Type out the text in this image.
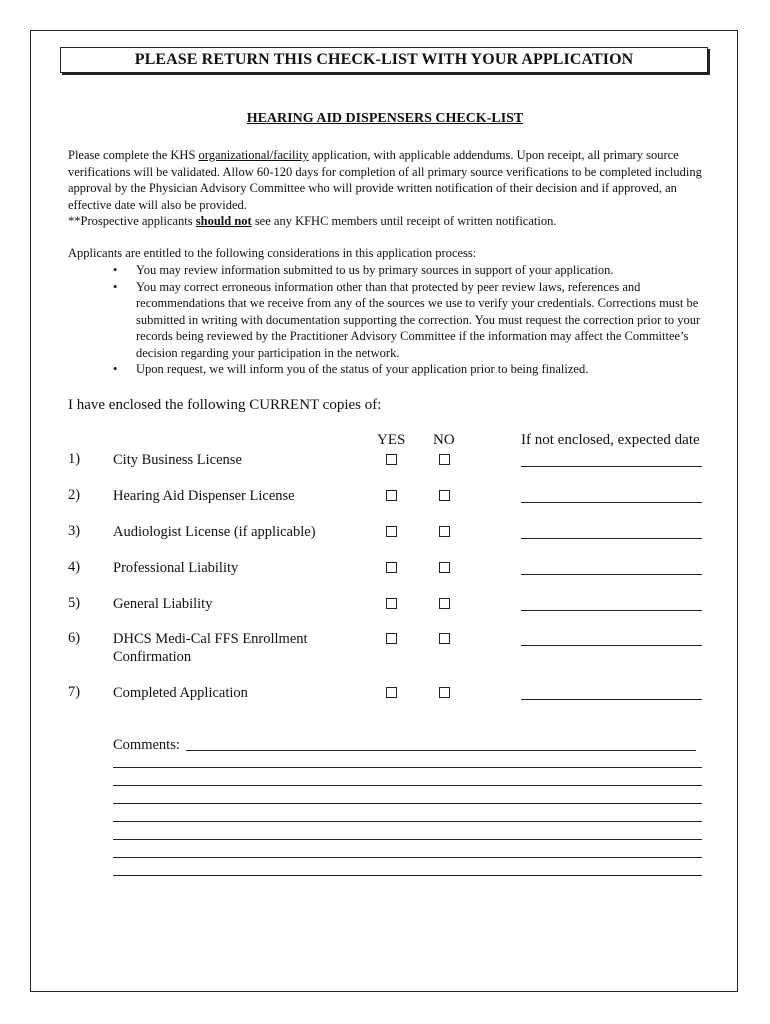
PLEASE RETURN THIS CHECK-LIST WITH YOUR APPLICATION
HEARING AID DISPENSERS CHECK-LIST

Please complete the KHS organizational/facility application, with applicable addendums. Upon receipt, all primary source verifications will be validated. Allow 60-120 days for completion of all primary source verifications to be completed including approval by the Physician Advisory Committee who will provide written notification of their decision and if approved, an effective date will also be provided.
**Prospective applicants should not see any KFHC members until receipt of written notification.

Applicants are entitled to the following considerations in this application process:

• You may review information submitted to us by primary sources in support of your application.
• You may correct erroneous information other than that protected by peer review laws, references and recommendations that we receive from any of the sources we use to verify your credentials. Corrections must be submitted in writing with documentation supporting the correction. You must request the correction prior to your records being reviewed by the Practitioner Advisory Committee if the information may affect the Committee’s decision regarding your participation in the network.
• Upon request, we will inform you of the status of your application prior to being finalized.
I have enclosed the following CURRENT copies of:
YES NO	If not enclosed, expected date
1) City Business License
2) Hearing Aid Dispenser License
3) Audiologist License (if applicable)
4) Professional Liability
5) General Liability
6) DHCS Medi-Cal FFS Enrollment Confirmation
7) Completed Application
Comments:
